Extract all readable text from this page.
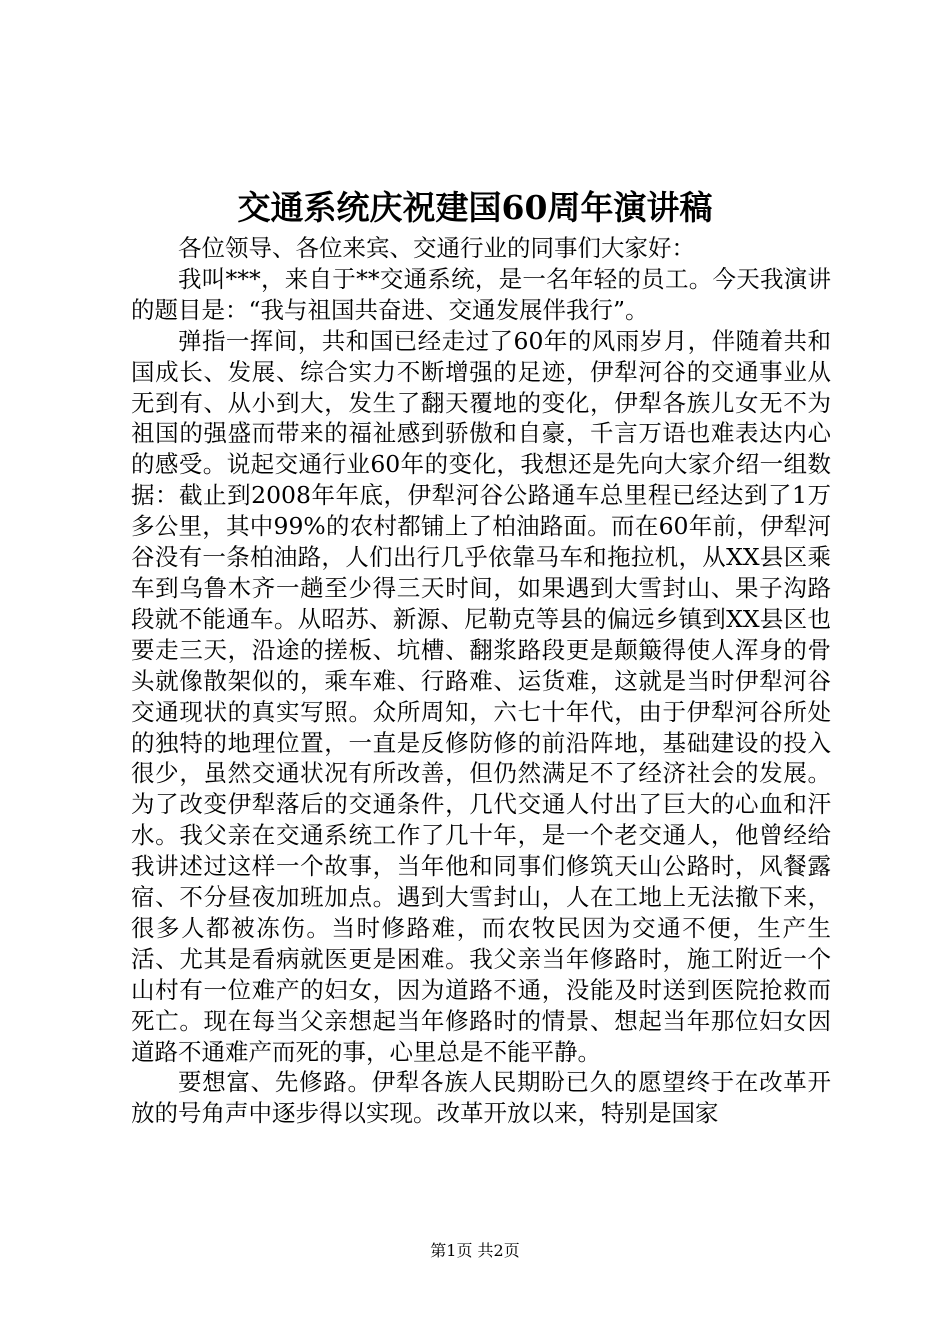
交通系统庆祝建国60周年演讲稿

各位领导、各位来宾、交通行业的同事们大家好：

我叫***，来自于**交通系统，是一名年轻的员工。今天我演讲的题目是：“我与祖国共奋进、交通发展伴我行”。

弹指一挥间，共和国已经走过了60年的风雨岁月，伴随着共和国成长、发展、综合实力不断增强的足迹，伊犁河谷的交通事业从无到有、从小到大，发生了翻天覆地的变化，伊犁各族儿女无不为祖国的强盛而带来的福祉感到骄傲和自豪，千言万语也难表达内心的感受。说起交通行业60年的变化，我想还是先向大家介绍一组数据：截止到2008年年底，伊犁河谷公路通车总里程已经达到了1万多公里，其中99%的农村都铺上了柏油路面。而在60年前，伊犁河谷没有一条柏油路，人们出行几乎依靠马车和拖拉机，从XX县区乘车到乌鲁木齐一趟至少得三天时间，如果遇到大雪封山、果子沟路段就不能通车。从昭苏、新源、尼勒克等县的偏远乡镇到XX县区也要走三天，沿途的搓板、坑槽、翻浆路段更是颠簸得使人浑身的骨头就像散架似的，乘车难、行路难、运货难，这就是当时伊犁河谷交通现状的真实写照。众所周知，六七十年代，由于伊犁河谷所处的独特的地理位置，一直是反修防修的前沿阵地，基础建设的投入很少，虽然交通状况有所改善，但仍然满足不了经济社会的发展。为了改变伊犁落后的交通条件，几代交通人付出了巨大的心血和汗水。我父亲在交通系统工作了几十年，是一个老交通人，他曾经给我讲述过这样一个故事，当年他和同事们修筑天山公路时，风餐露宿、不分昼夜加班加点。遇到大雪封山，人在工地上无法撤下来，很多人都被冻伤。当时修路难，而农牧民因为交通不便，生产生活、尤其是看病就医更是困难。我父亲当年修路时，施工附近一个山村有一位难产的妇女，因为道路不通，没能及时送到医院抢救而死亡。现在每当父亲想起当年修路时的情景、想起当年那位妇女因道路不通难产而死的事，心里总是不能平静。

要想富、先修路。伊犁各族人民期盼已久的愿望终于在改革开放的号角声中逐步得以实现。改革开放以来，特别是国家

第1页 共2页
